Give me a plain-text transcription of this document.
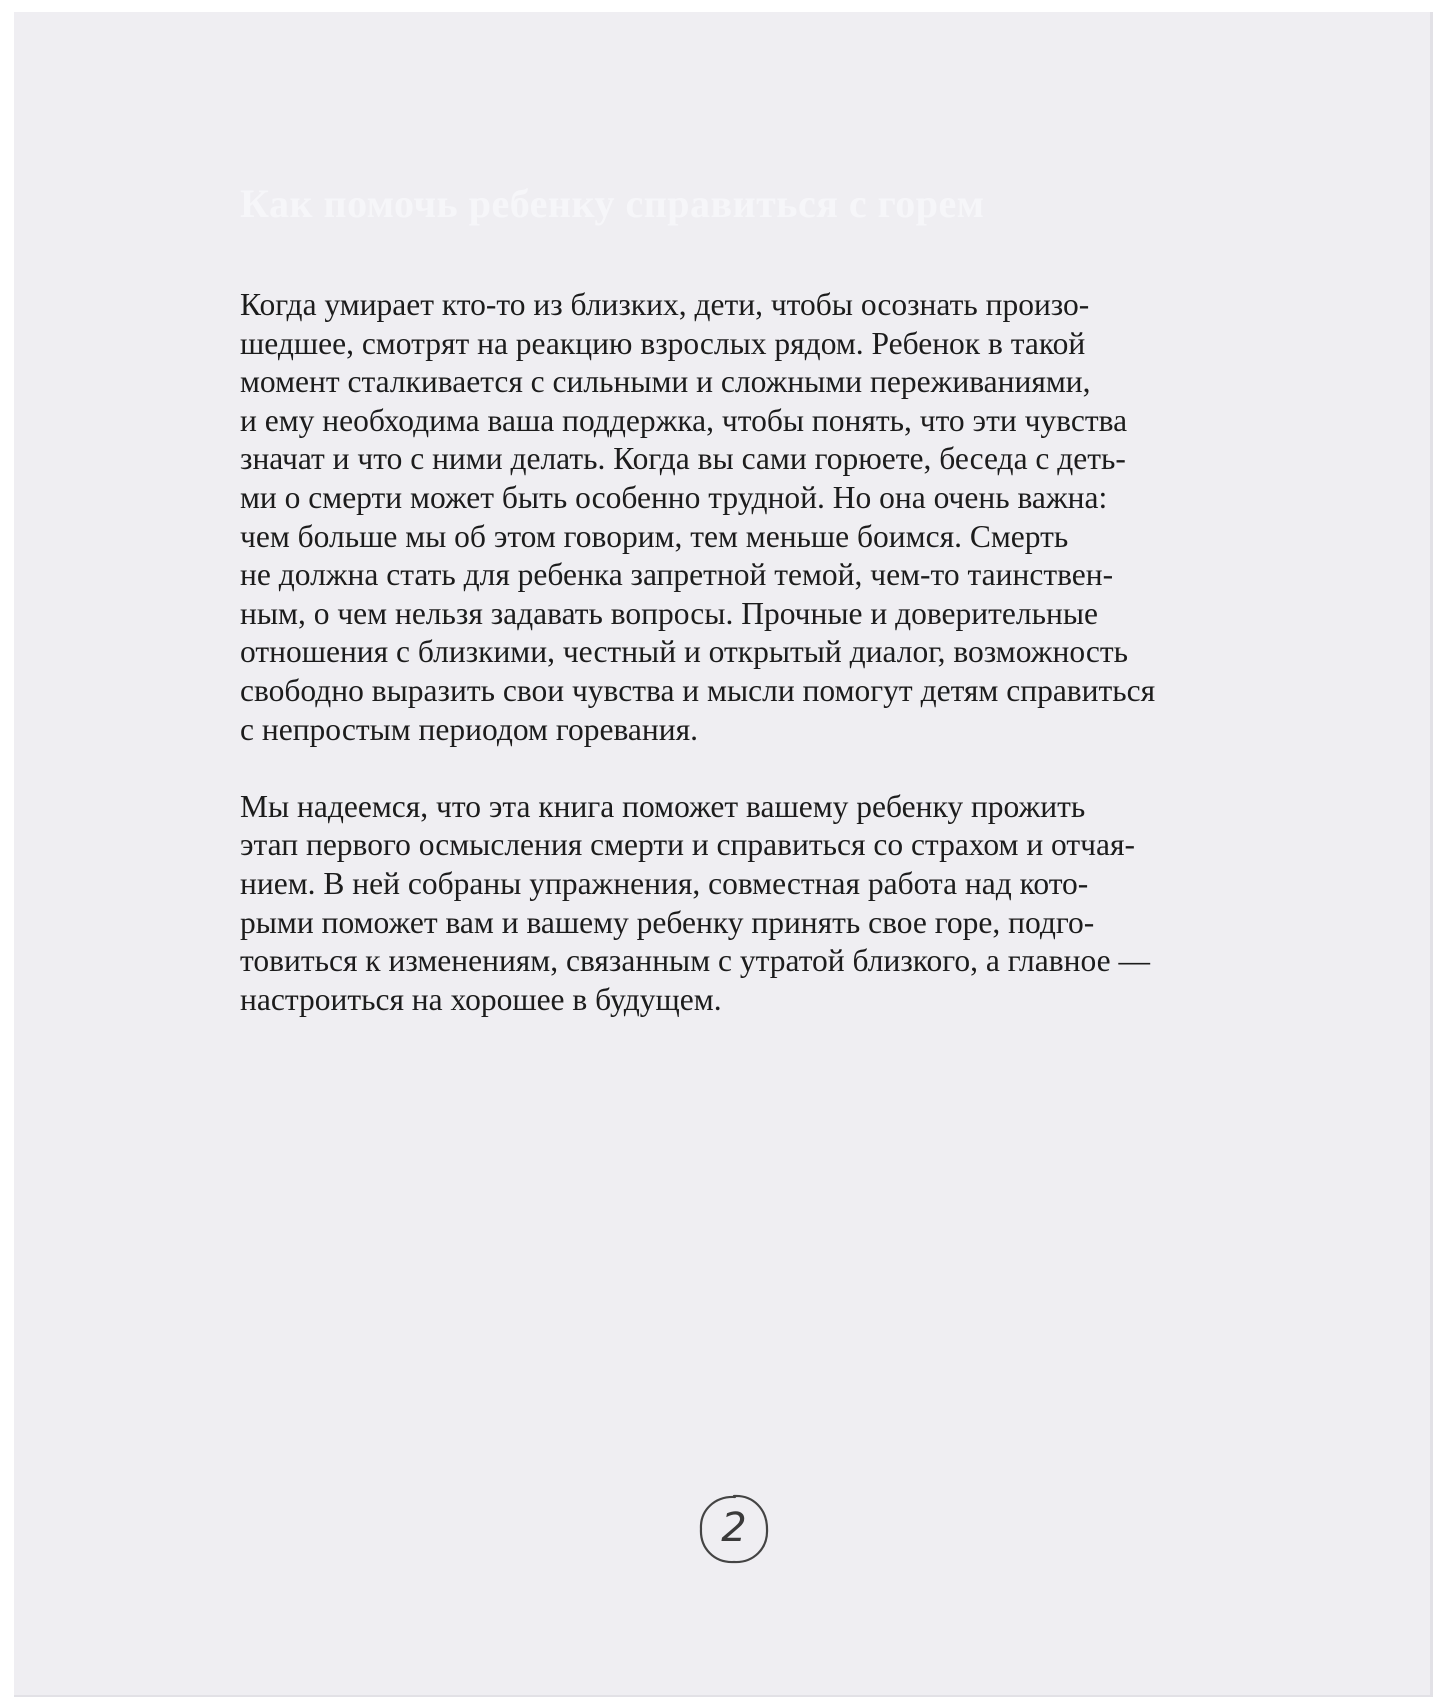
Как помочь ребенку справиться с горем

Когда умирает кто-то из близких, дети, чтобы осознать произо-
шедшее, смотрят на реакцию взрослых рядом. Ребенок в такой
момент сталкивается с сильными и сложными переживаниями,
и ему необходима ваша поддержка, чтобы понять, что эти чувства
значат и что с ними делать. Когда вы сами горюете, беседа с деть-
ми о смерти может быть особенно трудной. Но она очень важна:
чем больше мы об этом говорим, тем меньше боимся. Смерть
не должна стать для ребенка запретной темой, чем-то таинствен-
ным, о чем нельзя задавать вопросы. Прочные и доверительные
отношения с близкими, честный и открытый диалог, возможность
свободно выразить свои чувства и мысли помогут детям справиться
с непростым периодом горевания.

Мы надеемся, что эта книга поможет вашему ребенку прожить
этап первого осмысления смерти и справиться со страхом и отчая-
нием. В ней собраны упражнения, совместная работа над кото-
рыми поможет вам и вашему ребенку принять свое горе, подго-
товиться к изменениям, связанным с утратой близкого, а главное —
настроиться на хорошее в будущем.

2
